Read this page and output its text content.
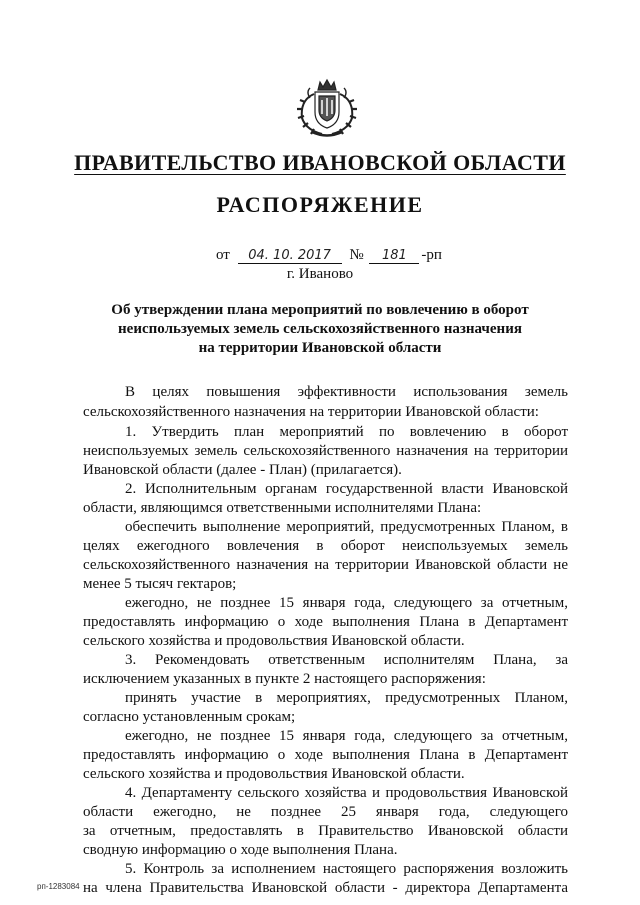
ПРАВИТЕЛЬСТВО ИВАНОВСКОЙ ОБЛАСТИ
РАСПОРЯЖЕНИЕ
от 04. 10. 2017 № 181 -рп
г. Иваново
Об утверждении плана мероприятий по вовлечению в оборот
неиспользуемых земель сельскохозяйственного назначения
на территории Ивановской области
В целях повышения эффективности использования земель
сельскохозяйственного назначения на территории Ивановской области:
1. Утвердить план мероприятий по вовлечению в оборот
неиспользуемых земель сельскохозяйственного назначения на территории
Ивановской области (далее - План) (прилагается).
2. Исполнительным органам государственной власти Ивановской
области, являющимся ответственными исполнителями Плана:
обеспечить выполнение мероприятий, предусмотренных Планом, в
целях ежегодного вовлечения в оборот неиспользуемых земель
сельскохозяйственного назначения на территории Ивановской области не
менее 5 тысяч гектаров;
ежегодно, не позднее 15 января года, следующего за отчетным,
предоставлять информацию о ходе выполнения Плана в Департамент
сельского хозяйства и продовольствия Ивановской области.
3. Рекомендовать ответственным исполнителям Плана, за
исключением указанных в пункте 2 настоящего распоряжения:
принять участие в мероприятиях, предусмотренных Планом,
согласно установленным срокам;
ежегодно, не позднее 15 января года, следующего за отчетным,
предоставлять информацию о ходе выполнения Плана в Департамент
сельского хозяйства и продовольствия Ивановской области.
4. Департаменту сельского хозяйства и продовольствия Ивановской
области ежегодно, не позднее 25 января года, следующего
за отчетным, предоставлять в Правительство Ивановской области
сводную информацию о ходе выполнения Плана.
5. Контроль за исполнением настоящего распоряжения возложить
на члена Правительства Ивановской области - директора Департамента
рп-1283084
